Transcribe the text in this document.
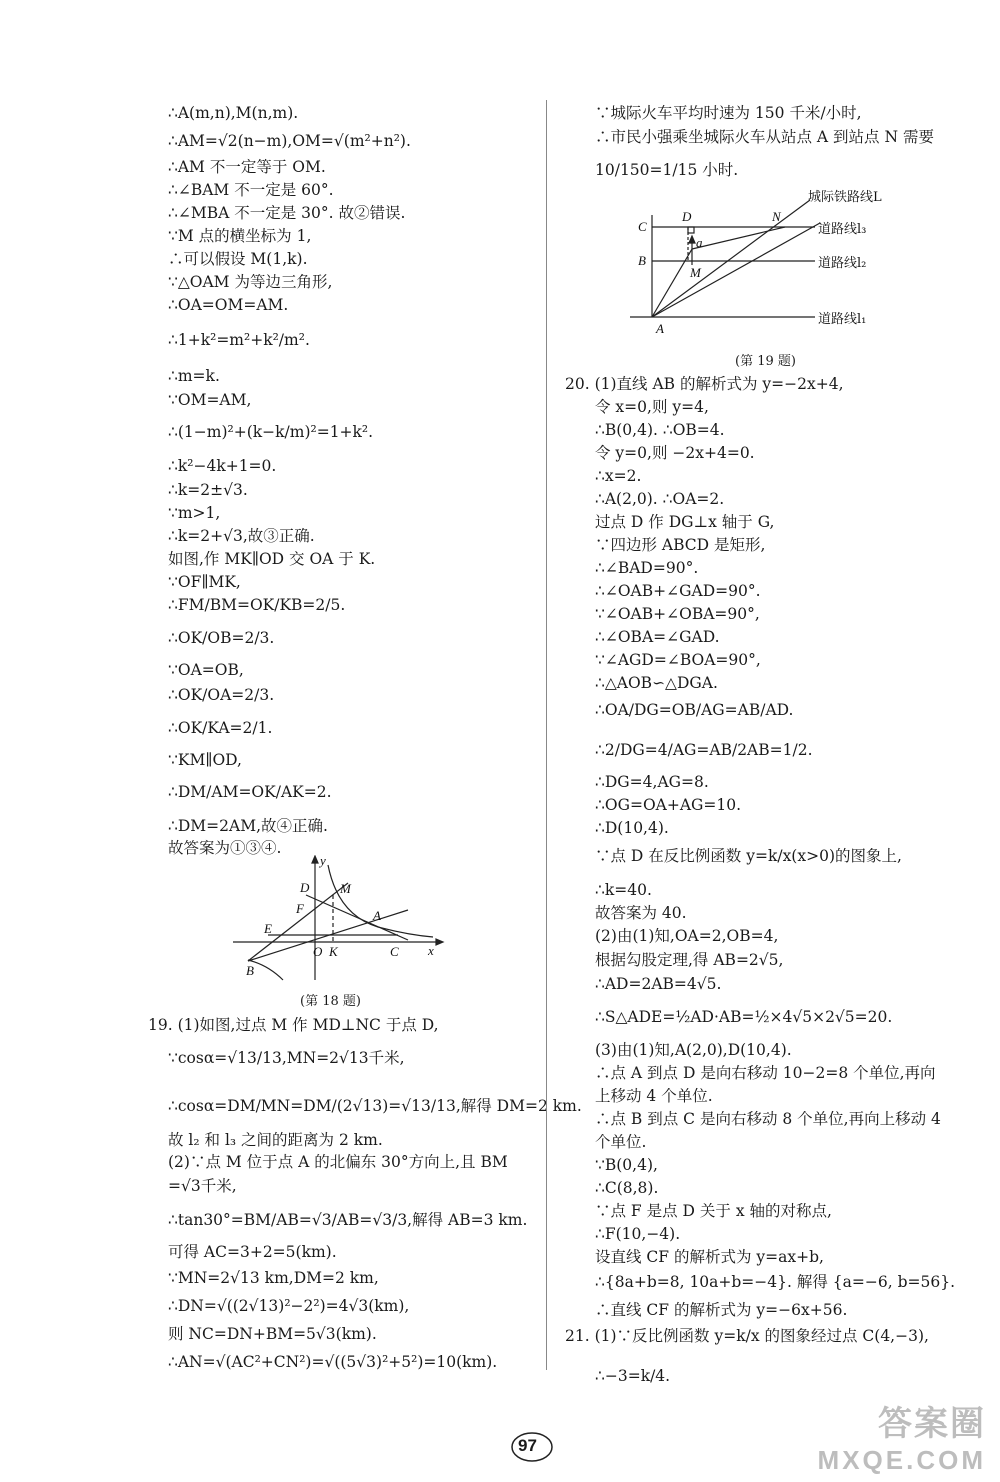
∴A(m,n),M(n,m).
∴AM=√2(n−m),OM=√(m²+n²).
∴AM 不一定等于 OM.
∴∠BAM 不一定是 60°.
∴∠MBA 不一定是 30°. 故②错误.
∵M 点的横坐标为 1,
∴可以假设 M(1,k).
∵△OAM 为等边三角形,
∴OA=OM=AM.
∴1+k²=m²+k²/m².
∴m=k.
∵OM=AM,
∴(1−m)²+(k−k/m)²=1+k².
∴k²−4k+1=0.
∴k=2±√3.
∵m>1,
∴k=2+√3,故③正确.
如图,作 MK∥OD 交 OA 于 K.
∵OF∥MK,
∴FM/BM=OK/KB=2/5.
∴OK/OB=2/3.
∵OA=OB,
∴OK/OA=2/3.
∴OK/KA=2/1.
∵KM∥OD,
∴DM/AM=OK/AK=2.
∴DM=2AM,故④正确.
故答案为①③④.
y
D M
F	A
E
O K	C x
B
(第 18 题)
19. (1)如图,过点 M 作 MD⊥NC 于点 D,
∵cosα=√13/13,MN=2√13千米,
∴cosα=DM/MN=DM/(2√13)=√13/13,解得 DM=2 km.
故 l₂ 和 l₃ 之间的距离为 2 km.
(2)∵点 M 位于点 A 的北偏东 30°方向上,且 BM
=√3千米,
∴tan30°=BM/AB=√3/AB=√3/3,解得 AB=3 km.
可得 AC=3+2=5(km).
∵MN=2√13 km,DM=2 km,
∴DN=√((2√13)²−2²)=4√3(km),
则 NC=DN+BM=5√3(km).
∴AN=√(AC²+CN²)=√((5√3)²+5²)=10(km).
∵城际火车平均时速为 150 千米/小时,
∴市民小强乘坐城际火车从站点 A 到站点 N 需要
10/150=1/15 小时.
C
D	N
a
B
M
A
城际铁路线L
道路线l₃
道路线l₂
道路线l₁
(第 19 题)
20. (1)直线 AB 的解析式为 y=−2x+4,
令 x=0,则 y=4,
∴B(0,4). ∴OB=4.
令 y=0,则 −2x+4=0.
∴x=2.
∴A(2,0). ∴OA=2.
过点 D 作 DG⊥x 轴于 G,
∵四边形 ABCD 是矩形,
∴∠BAD=90°.
∴∠OAB+∠GAD=90°.
∵∠OAB+∠OBA=90°,
∴∠OBA=∠GAD.
∵∠AGD=∠BOA=90°,
∴△AOB∽△DGA.
∴OA/DG=OB/AG=AB/AD.
∴2/DG=4/AG=AB/2AB=1/2.
∴DG=4,AG=8.
∴OG=OA+AG=10.
∴D(10,4).
∵点 D 在反比例函数 y=k/x(x>0)的图象上,
∴k=40.
故答案为 40.
(2)由(1)知,OA=2,OB=4,
根据勾股定理,得 AB=2√5,
∴AD=2AB=4√5.
∴S△ADE=½AD·AB=½×4√5×2√5=20.
(3)由(1)知,A(2,0),D(10,4).
∴点 A 到点 D 是向右移动 10−2=8 个单位,再向
上移动 4 个单位.
∴点 B 到点 C 是向右移动 8 个单位,再向上移动 4
个单位.
∵B(0,4),
∴C(8,8).
∵点 F 是点 D 关于 x 轴的对称点,
∴F(10,−4).
设直线 CF 的解析式为 y=ax+b,
∴{8a+b=8, 10a+b=−4}. 解得 {a=−6, b=56}.
∴直线 CF 的解析式为 y=−6x+56.
21. (1)∵反比例函数 y=k/x 的图象经过点 C(4,−3),
∴−3=k/4.
97
答案圈
MXQE.COM
